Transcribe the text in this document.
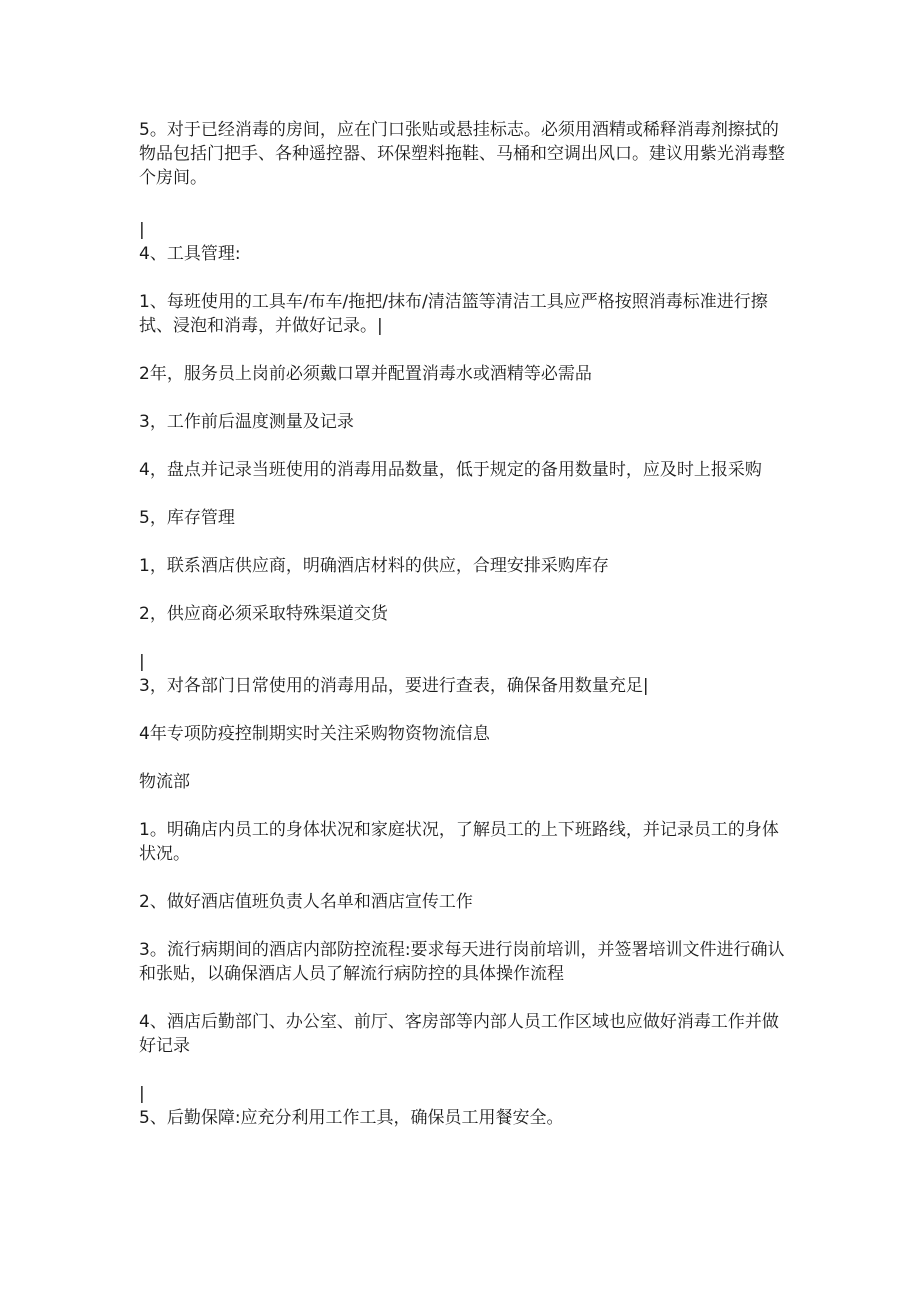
5。对于已经消毒的房间，应在门口张贴或悬挂标志。必须用酒精或稀释消毒剂擦拭的物品包括门把手、各种遥控器、环保塑料拖鞋、马桶和空调出风口。建议用紫光消毒整个房间。

|

4、工具管理:

1、每班使用的工具车/布车/拖把/抹布/清洁篮等清洁工具应严格按照消毒标准进行擦拭、浸泡和消毒，并做好记录。|

2年，服务员上岗前必须戴口罩并配置消毒水或酒精等必需品

3，工作前后温度测量及记录

4，盘点并记录当班使用的消毒用品数量，低于规定的备用数量时，应及时上报采购

5，库存管理

1，联系酒店供应商，明确酒店材料的供应，合理安排采购库存

2，供应商必须采取特殊渠道交货

|

3，对各部门日常使用的消毒用品，要进行查表，确保备用数量充足|

4年专项防疫控制期实时关注采购物资物流信息

物流部

1。明确店内员工的身体状况和家庭状况，了解员工的上下班路线，并记录员工的身体状况。

2、做好酒店值班负责人名单和酒店宣传工作

3。流行病期间的酒店内部防控流程:要求每天进行岗前培训，并签署培训文件进行确认和张贴，以确保酒店人员了解流行病防控的具体操作流程

4、酒店后勤部门、办公室、前厅、客房部等内部人员工作区域也应做好消毒工作并做好记录

|

5、后勤保障:应充分利用工作工具，确保员工用餐安全。
